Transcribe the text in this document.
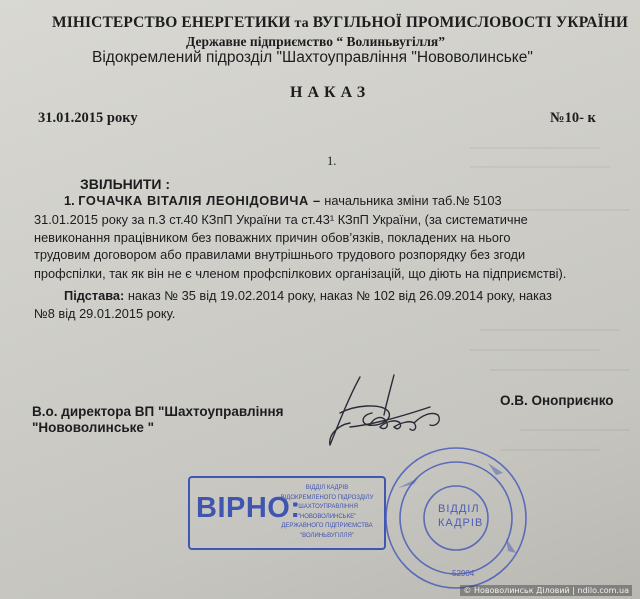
МІНІСТЕРСТВО ЕНЕРГЕТИКИ та ВУГІЛЬНОЇ ПРОМИСЛОВОСТІ УКРАЇНИ
Державне підприємство “ Волиньвугілля”
Відокремлений підрозділ "Шахтоуправління "Нововолинське"
НАКАЗ
31.01.2015 року	№10- к
1.
ЗВІЛЬНИТИ :
1. ГОЧАЧКА ВІТАЛІЯ ЛЕОНІДОВИЧА – начальника зміни таб.№ 5103
31.01.2015 року за п.3 ст.40 КЗпП України та ст.43¹ КЗпП України, (за систематичне
невиконання працівником без поважних причин обов’язків, покладених на нього
трудовим договором або правилами внутрішнього трудового розпорядку без згоди
профспілки, так як він не є членом профспілкових організацій, що діють на підприємстві).
Підстава: наказ № 35 від 19.02.2014 року, наказ № 102 від 26.09.2014 року, наказ
№8 від 29.01.2015 року.
В.о. директора ВП "Шахтоуправління
"Нововолинське "
О.В. Оноприєнко
ВІРНО:
ВІДДІЛ КАДРІВ
ВІДОКРЕМЛЕНОГО ПІДРОЗДІЛУ
"ШАХТОУПРАВЛІННЯ "НОВОВОЛИНСЬКЕ"
ДЕРЖАВНОГО ПІДПРИЄМСТВА
"ВОЛИНЬВУГІЛЛЯ"
ВІДДІЛ
КАДРІВ
52904
© Нововолинськ Діловий | ndilo.com.ua
